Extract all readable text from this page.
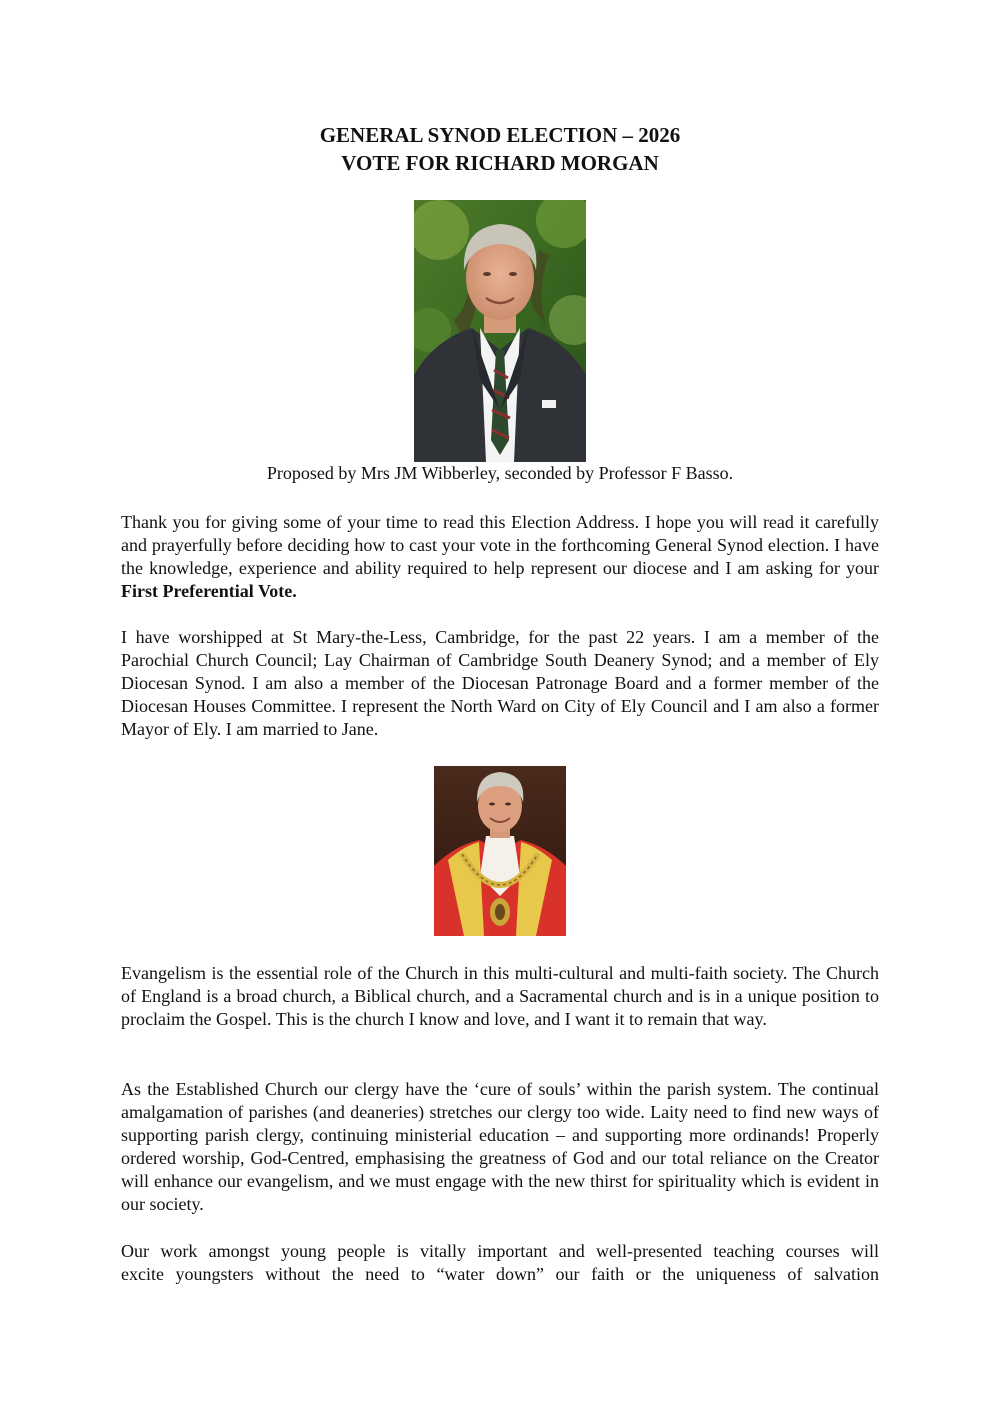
GENERAL SYNOD ELECTION – 2026
VOTE FOR RICHARD MORGAN
Proposed by Mrs JM Wibberley, seconded by Professor F Basso.

Thank you for giving some of your time to read this Election Address. I hope you will read it carefully and prayerfully before deciding how to cast your vote in the forthcoming General Synod election. I have the knowledge, experience and ability required to help represent our diocese and I am asking for your First Preferential Vote.

I have worshipped at St Mary-the-Less, Cambridge, for the past 22 years. I am a member of the Parochial Church Council; Lay Chairman of Cambridge South Deanery Synod; and a member of Ely Diocesan Synod. I am also a member of the Diocesan Patronage Board and a former member of the Diocesan Houses Committee. I represent the North Ward on City of Ely Council and I am also a former Mayor of Ely. I am married to Jane.

Evangelism is the essential role of the Church in this multi-cultural and multi-faith society. The Church of England is a broad church, a Biblical church, and a Sacramental church and is in a unique position to proclaim the Gospel. This is the church I know and love, and I want it to remain that way.

As the Established Church our clergy have the ‘cure of souls’ within the parish system. The continual amalgamation of parishes (and deaneries) stretches our clergy too wide. Laity need to find new ways of supporting parish clergy, continuing ministerial education – and supporting more ordinands! Properly ordered worship, God-Centred, emphasising the greatness of God and our total reliance on the Creator will enhance our evangelism, and we must engage with the new thirst for spirituality which is evident in our society.

Our work amongst young people is vitally important and well-presented teaching courses will
excite youngsters without the need to “water down” our faith or the uniqueness of salvation
